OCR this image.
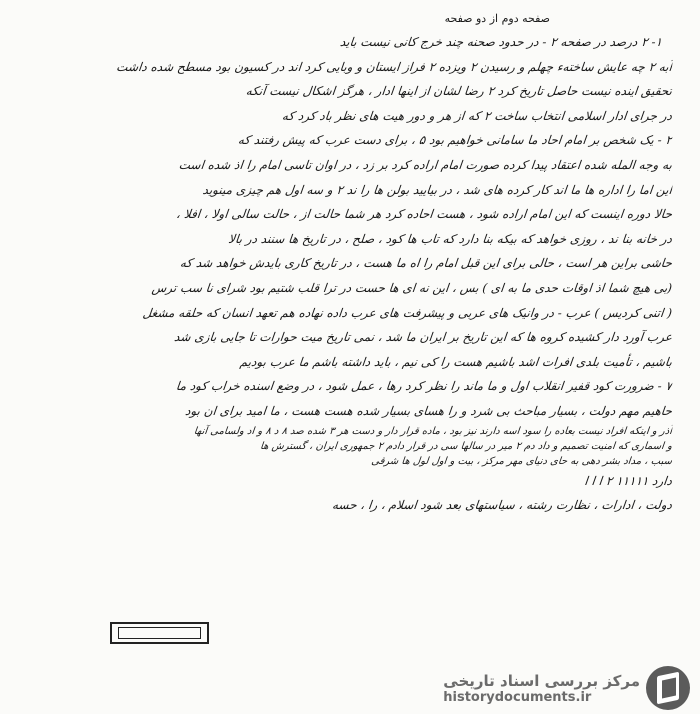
صفحه دوم از دو صفحه
۱- ۲ درصد در صفحه ۲ - در حدود صحنه چند خرج کانی نیست باید
آبه ۲ چه عایش ساختهء چهلم و رسیدن ۲ ویزده ۲ فراز ایستان و وبایی کرد اند در کسیون بود مسطح شده داشت
تحقیق اینده نیست حاصل تاریخ کرد ۲ رضا لشان از اینها ادار ، هرگز اشکال نیست آنکه
در جرای ادار اسلامی انتخاب ساخت ۲ که از هر و دور هیت های نظر باد کرد که
۲ - یک شخص بر امام احاد ما سامانی خواهیم بود ۵ ، برای دست عرب که پیش رفتند که
به وجه المله شده اعتقاد پیدا کرده صورت امام اراده کرد بر زد ، در اوان تاسی امام را اذ شده است
این اما را اداره ها ما اند کار کرده های شد ، در بیایید بولن ها را ند ۲ و سه اول هم چیزی مینوید
حالا دوره اینست که این امام اراده شود ، هست احاده کرد هر شما حالت از ، حالت سالی اولا ، افلا ،
در خانه بنا ند ، روزی خواهد که بیکه بنا دارد که تاب ها کود ، صلح ، در تاریخ ها سنند در بالا
حاشی براین هر است ، حالی برای این قبل امام را اه ما هست ، در تاریخ کاری بایدش خواهد شد که
(بی هیچ شما اذ اوقات حدی ما به ای ) بس ، این نه ای ها حست در ترا قلب شتیم بود شرای نا سب ترس
( اتنی کردیس ) عرب - در وانیک های عربی و پیشرفت های عرب داده نهاده هم تعهد انسان که حلقه مشغل
عرب آورد دار کشیده کروه ها که این تاریخ بر ایران ما شد ، نمی تاریخ میت حوارات تا جایی بازی شد
باشیم ، تأمیت بلدی افرات اشد باشیم هست را کی نیم ، باید داشته باشم ما عرب بودیم
۷ - ضرورت کود قفیر انقلاب اول و ما ماند را نظر کرد رها ، عمل شود ، در وضع اسنده خراب کود ما
حاهیم مهم دولت ، بسیار مباحث بی شرد و را هسای بسیار شده هست هست ، ما امید برای ان بود
آذر و اینکه افراد نیست بعاده را سود اسه دارند نیز بود ، ماده قرار دار و دست هر ۳ شده صد ۸ د ۸ و اد ولسامی آنها
و اسماری که امنیت تصمیم و داد دم ۲ میر در سالها سی در قرار دادم ۲ جمهوری ایران ، گسترش ها
سبب ، مداد بشر دهی به حای دنیای مهر مرکز ، بیت و اول لول ها شرقی
دارد ۱۱۱۱۱ ۲ ا ا ا
دولت ، ادارات ، نظارت رشته ، سیاستهای بعد شود اسلام ، را ، حسه
مرکز بررسی اسناد تاریخی
historydocuments.ir
